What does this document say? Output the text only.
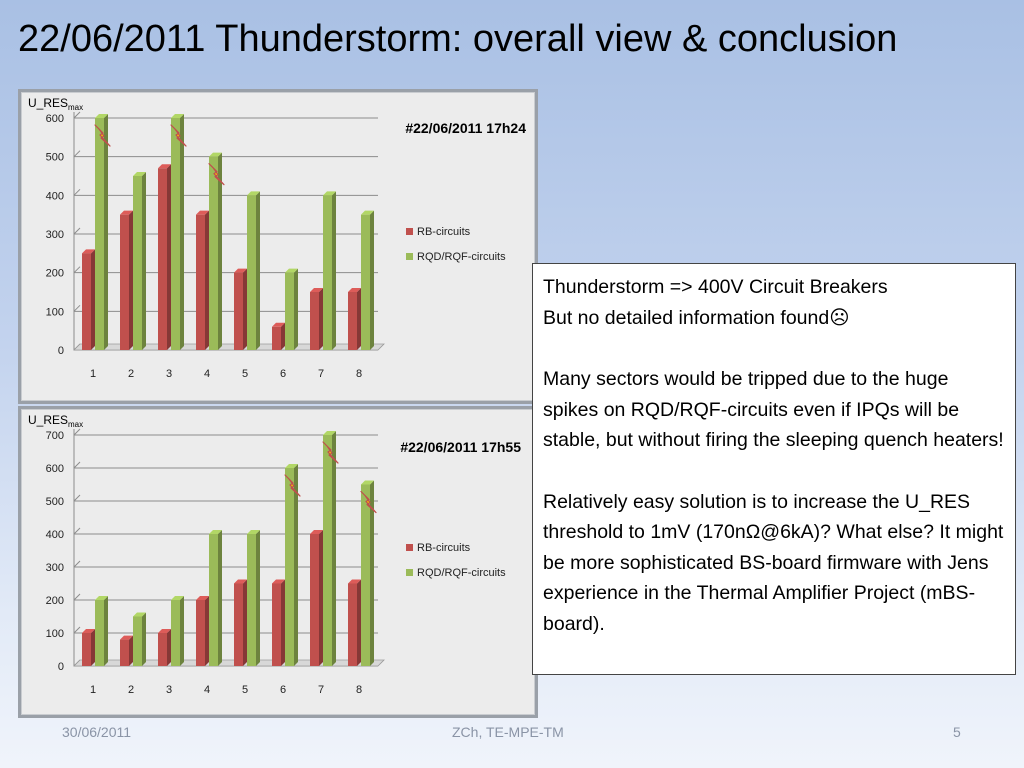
22/06/2011 Thunderstorm: overall view & conclusion
$U\_RES_{max}$
0
100
200
300
400
500
600
1	2	3	4	5	6	7	8
RB-circuits
RQD/RQF-circuits
#22/06/2011 17h24
$U\_RES_{max}$
0
100
200
300
400
500
600
700
1	2	3	4	5	6	7	8
RB-circuits
RQD/RQF-circuits
#22/06/2011 17h55

Thunderstorm => 400V Circuit Breakers

But no detailed information found☹

Many sectors would be tripped due to the huge spikes on RQD/RQF-circuits even if IPQs will be stable, but without firing the sleeping quench heaters!

Relatively easy solution is to increase the U_RES threshold to 1mV (170nΩ@6kA)? What else? It might be more sophisticated BS-board firmware with Jens experience in the Thermal Amplifier Project (mBS-board).

30/06/2011	ZCh, TE-MPE-TM	5
